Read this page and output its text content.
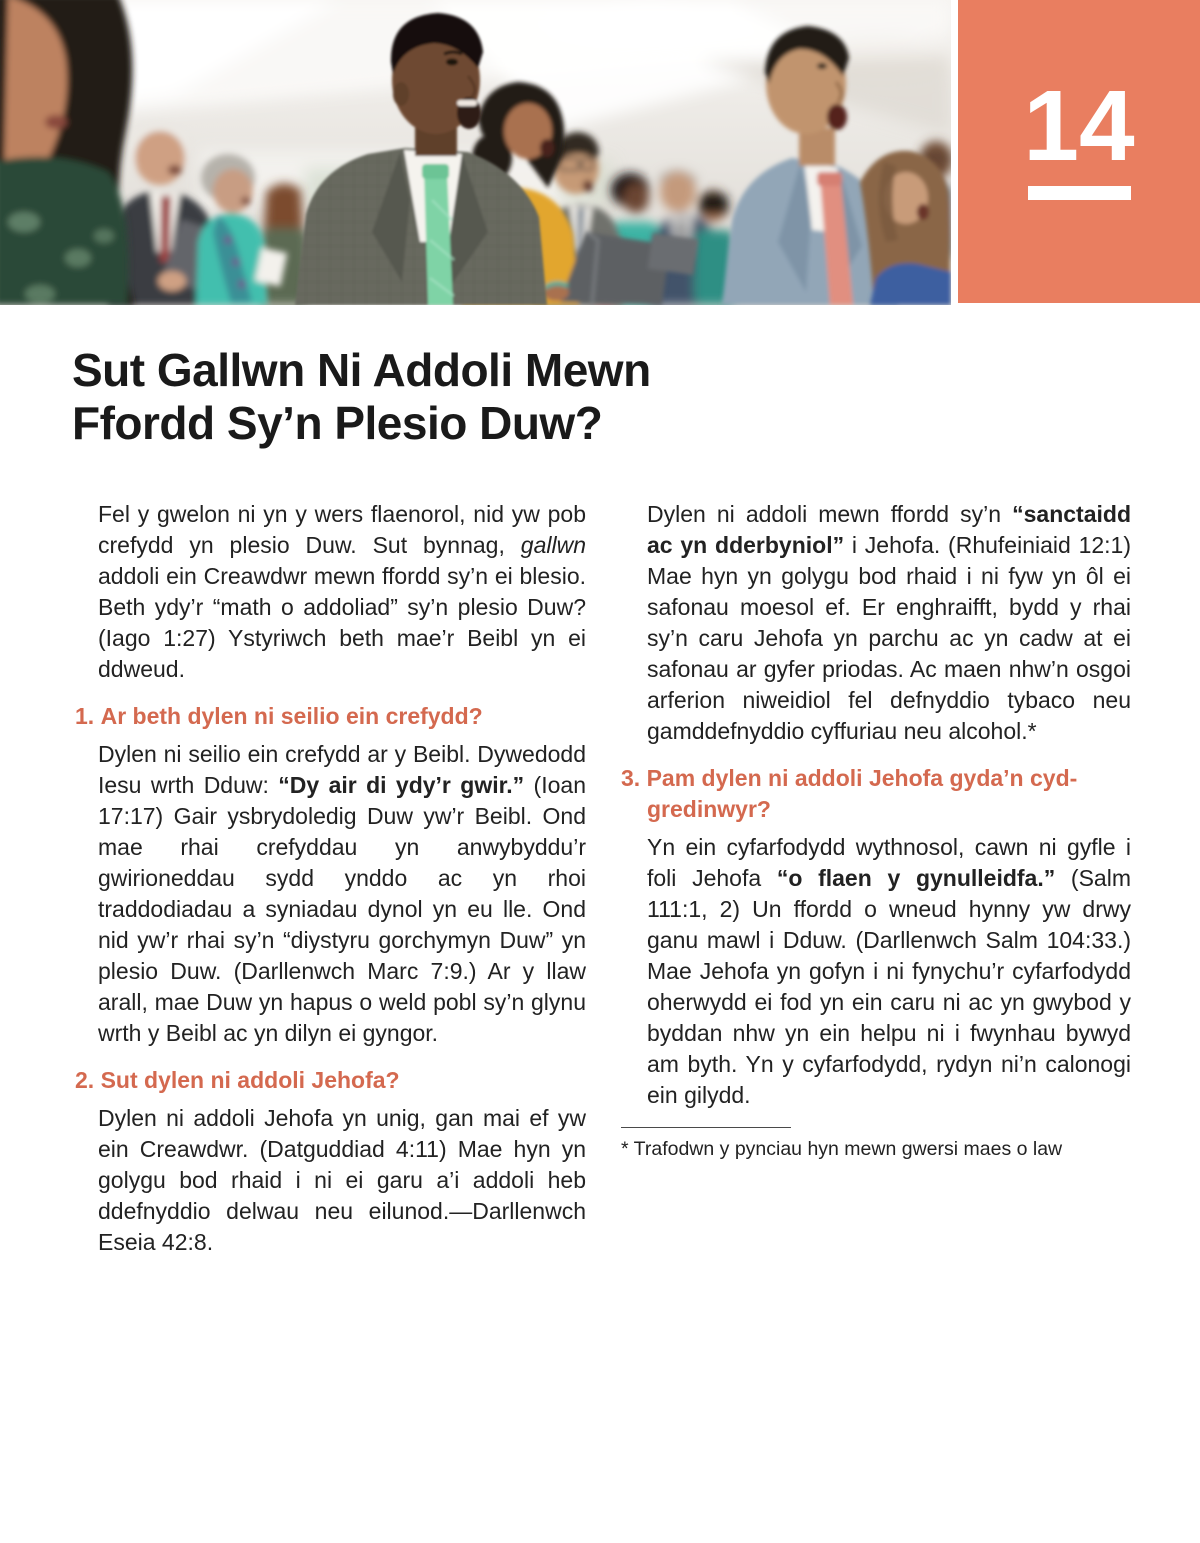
14
Sut Gallwn Ni Addoli Mewn
Ffordd Sy’n Plesio Duw?

Fel y gwelon ni yn y wers flaenorol, nid yw pob crefydd yn plesio Duw. Sut bynnag, gallwn addoli ein Creawdwr mewn ffordd sy’n ei blesio. Beth ydy’r “math o addoliad” sy’n plesio Duw? (Iago 1:27) Ystyriwch beth mae’r Beibl yn ei ddweud.

1. Ar beth dylen ni seilio ein crefydd?

Dylen ni seilio ein crefydd ar y Beibl. Dywedodd Iesu wrth Dduw: “Dy air di ydy’r gwir.” (Ioan 17:17) Gair ysbrydoledig Duw yw’r Beibl. Ond mae rhai crefyddau yn anwybyddu’r gwirioneddau sydd ynddo ac yn rhoi traddodiadau a syniadau dynol yn eu lle. Ond nid yw’r rhai sy’n “diystyru gorchymyn Duw” yn plesio Duw. (Darllenwch Marc 7:9.) Ar y llaw arall, mae Duw yn hapus o weld pobl sy’n glynu wrth y Beibl ac yn dilyn ei gyngor.

2. Sut dylen ni addoli Jehofa?

Dylen ni addoli Jehofa yn unig, gan mai ef yw ein Creawdwr. (Datguddiad 4:11) Mae hyn yn golygu bod rhaid i ni ei garu a’i addoli heb ddefnyddio delwau neu eilunod.—Darllenwch Eseia 42:8.

Dylen ni addoli mewn ffordd sy’n “sanctaidd ac yn dderbyniol” i Jehofa. (Rhufeiniaid 12:1) Mae hyn yn golygu bod rhaid i ni fyw yn ôl ei safonau moesol ef. Er enghraifft, bydd y rhai sy’n caru Jehofa yn parchu ac yn cadw at ei safonau ar gyfer priodas. Ac maen nhw’n osgoi arferion niweidiol fel defnyddio tybaco neu gamddefnyddio cyffuriau neu alcohol.*

3. Pam dylen ni addoli Jehofa gyda’n cyd-gredinwyr?

Yn ein cyfarfodydd wythnosol, cawn ni gyfle i foli Jehofa “o flaen y gynulleidfa.” (Salm 111:1, 2) Un ffordd o wneud hynny yw drwy ganu mawl i Dduw. (Darllenwch Salm 104:33.) Mae Jehofa yn gofyn i ni fynychu’r cyfarfodydd oherwydd ei fod yn ein caru ni ac yn gwybod y byddan nhw yn ein helpu ni i fwynhau bywyd am byth. Yn y cyfarfodydd, rydyn ni’n calonogi ein gilydd.

* Trafodwn y pynciau hyn mewn gwersi maes o law
